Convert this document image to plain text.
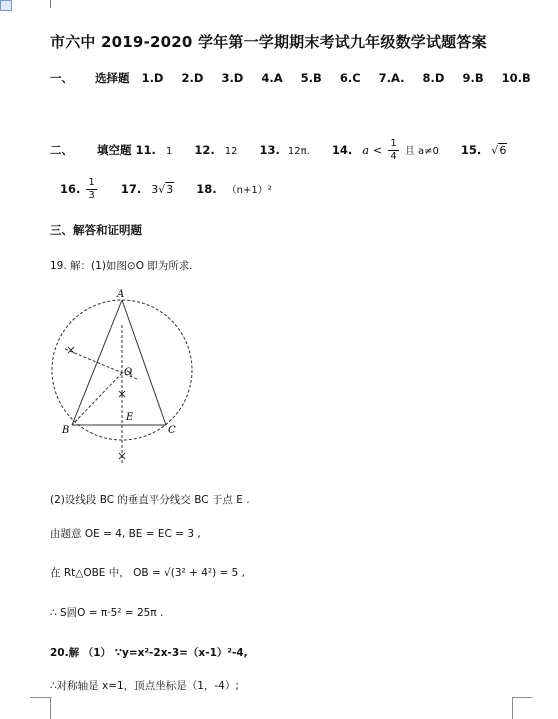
市六中 2019-2020 学年第一学期期末考试九年级数学试题答案
一、 选择题 1.D 2.D 3.D 4.A 5.B 6.C 7.A. 8.D 9.B 10.B
二、 填空题 11. 1 12. 12 13. 12π. 14. $a < \frac{1}{4}$ 且 a≠0 15. √6
16. $\frac{1}{3} 17$. 3√3 18. （n+1）²
三、解答和证明题
19. 解：(1)如图⊙O 即为所求.
A
B	C
O
E
(2)设线段 BC 的垂直平分线交 BC 于点 E .
由题意 OE = 4, BE = EC = 3 ,
在 Rt△OBE 中， OB = √(3² + 4²) = 5 ,
∴ S圆O = π·5² = 25π .
20.解 （1） ∵y=x²-2x-3=（x-1）²-4,
∴对称轴是 x=1，顶点坐标是（1，-4）;
